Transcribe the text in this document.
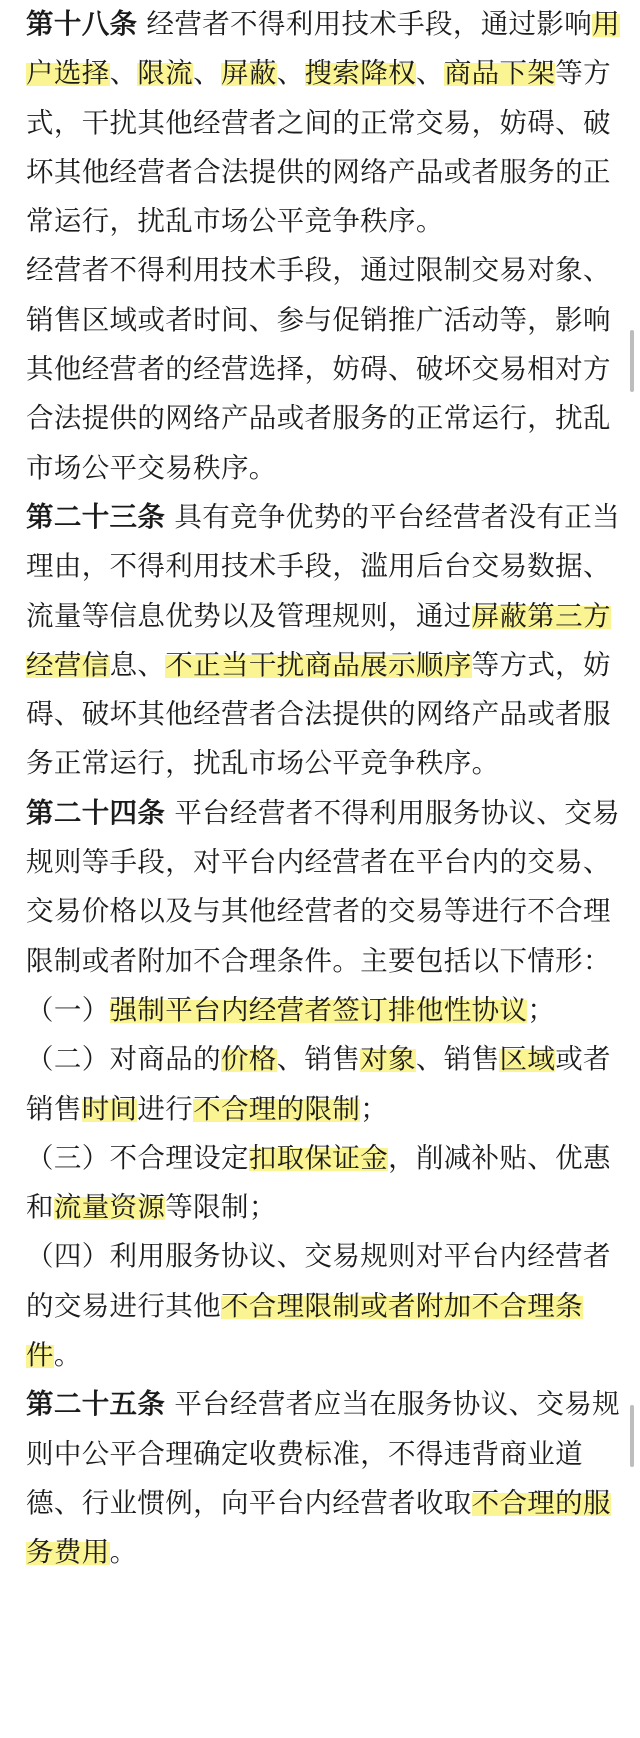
第十八条 经营者不得利用技术手段，通过影响用户选择、限流、屏蔽、搜索降权、商品下架等方式，干扰其他经营者之间的正常交易，妨碍、破坏其他经营者合法提供的网络产品或者服务的正常运行，扰乱市场公平竞争秩序。

经营者不得利用技术手段，通过限制交易对象、销售区域或者时间、参与促销推广活动等，影响其他经营者的经营选择，妨碍、破坏交易相对方合法提供的网络产品或者服务的正常运行，扰乱市场公平交易秩序。

第二十三条 具有竞争优势的平台经营者没有正当理由，不得利用技术手段，滥用后台交易数据、流量等信息优势以及管理规则，通过屏蔽第三方经营信息、不正当干扰商品展示顺序等方式，妨碍、破坏其他经营者合法提供的网络产品或者服务正常运行，扰乱市场公平竞争秩序。

第二十四条 平台经营者不得利用服务协议、交易规则等手段，对平台内经营者在平台内的交易、交易价格以及与其他经营者的交易等进行不合理限制或者附加不合理条件。主要包括以下情形：

（一）强制平台内经营者签订排他性协议；

（二）对商品的价格、销售对象、销售区域或者销售时间进行不合理的限制；

（三）不合理设定扣取保证金，削减补贴、优惠和流量资源等限制；

（四）利用服务协议、交易规则对平台内经营者的交易进行其他不合理限制或者附加不合理条件。

第二十五条 平台经营者应当在服务协议、交易规则中公平合理确定收费标准，不得违背商业道德、行业惯例，向平台内经营者收取不合理的服务费用。
